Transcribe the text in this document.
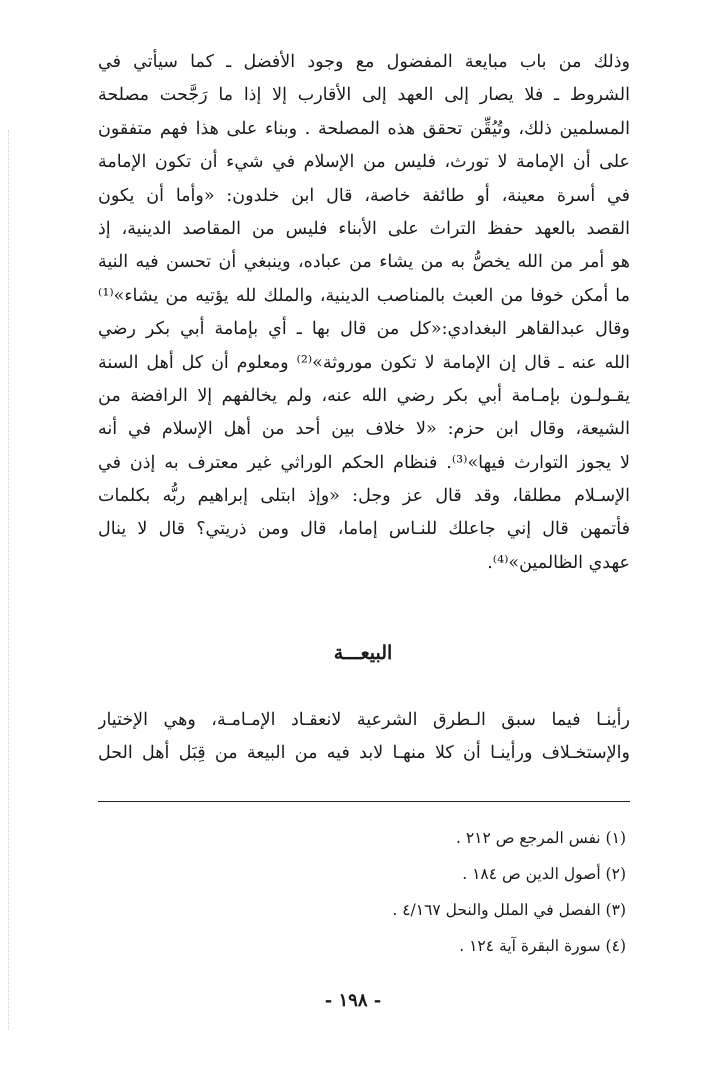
وذلك من باب مبايعة المفضول مع وجود الأفضل ـ كما سيأتي في
الشروط ـ فلا يصار إلى العهد إلى الأقارب إلا إذا ما رَجَّحت مصلحة
المسلمين ذلك، وتُيُقِّن تحقق هذه المصلحة . وبناء على هذا فهم متفقون
على أن الإمامة لا تورث، فليس من الإسلام في شيء أن تكون الإمامة
في أسرة معينة، أو طائفة خاصة، قال ابن خلدون: «وأما أن يكون
القصد بالعهد حفظ التراث على الأبناء فليس من المقاصد الدينية، إذ
هو أمر من الله يخصُّ به من يشاء من عباده، وينبغي أن تحسن فيه النية
ما أمكن خوفا من العبث بالمناصب الدينية، والملك لله يؤتيه من يشاء»⁽¹⁾
وقال عبدالقاهر البغدادي:«كل من قال بها ـ أي بإمامة أبي بكر رضي
الله عنه ـ قال إن الإمامة لا تكون موروثة»⁽²⁾ ومعلوم أن كل أهل السنة
يقـولـون بإمـامة أبي بكر رضي الله عنه، ولم يخالفهم إلا الرافضة من
الشيعة، وقال ابن حزم: «لا خلاف بين أحد من أهل الإسلام في أنه
لا يجوز التوارث فيها»⁽³⁾. فنظام الحكم الوراثي غير معترف به إذن في
الإسـلام مطلقا، وقد قال عز وجل: «وإذ ابتلى إبراهيم ربُّه بكلمات
فأتمهن قال إني جاعلك للنـاس إماما، قال ومن ذريتي؟ قال لا ينال
عهدي الظالمين»⁽⁴⁾.
البيعـــة
رأينـا فيما سبق الـطرق الشرعية لانعقـاد الإمـامـة، وهي الإختيار
والإستخـلاف ورأينـا أن كلا منهـا لابد فيه من البيعة من قِبَل أهل الحل
(١) نفس المرجع ص ٢١٢ .
(٢) أصول الدين ص ١٨٤ .
(٣) الفصل في الملل والنحل ٤/١٦٧ .
(٤) سورة البقرة آية ١٢٤ .
- ١٩٨ -
